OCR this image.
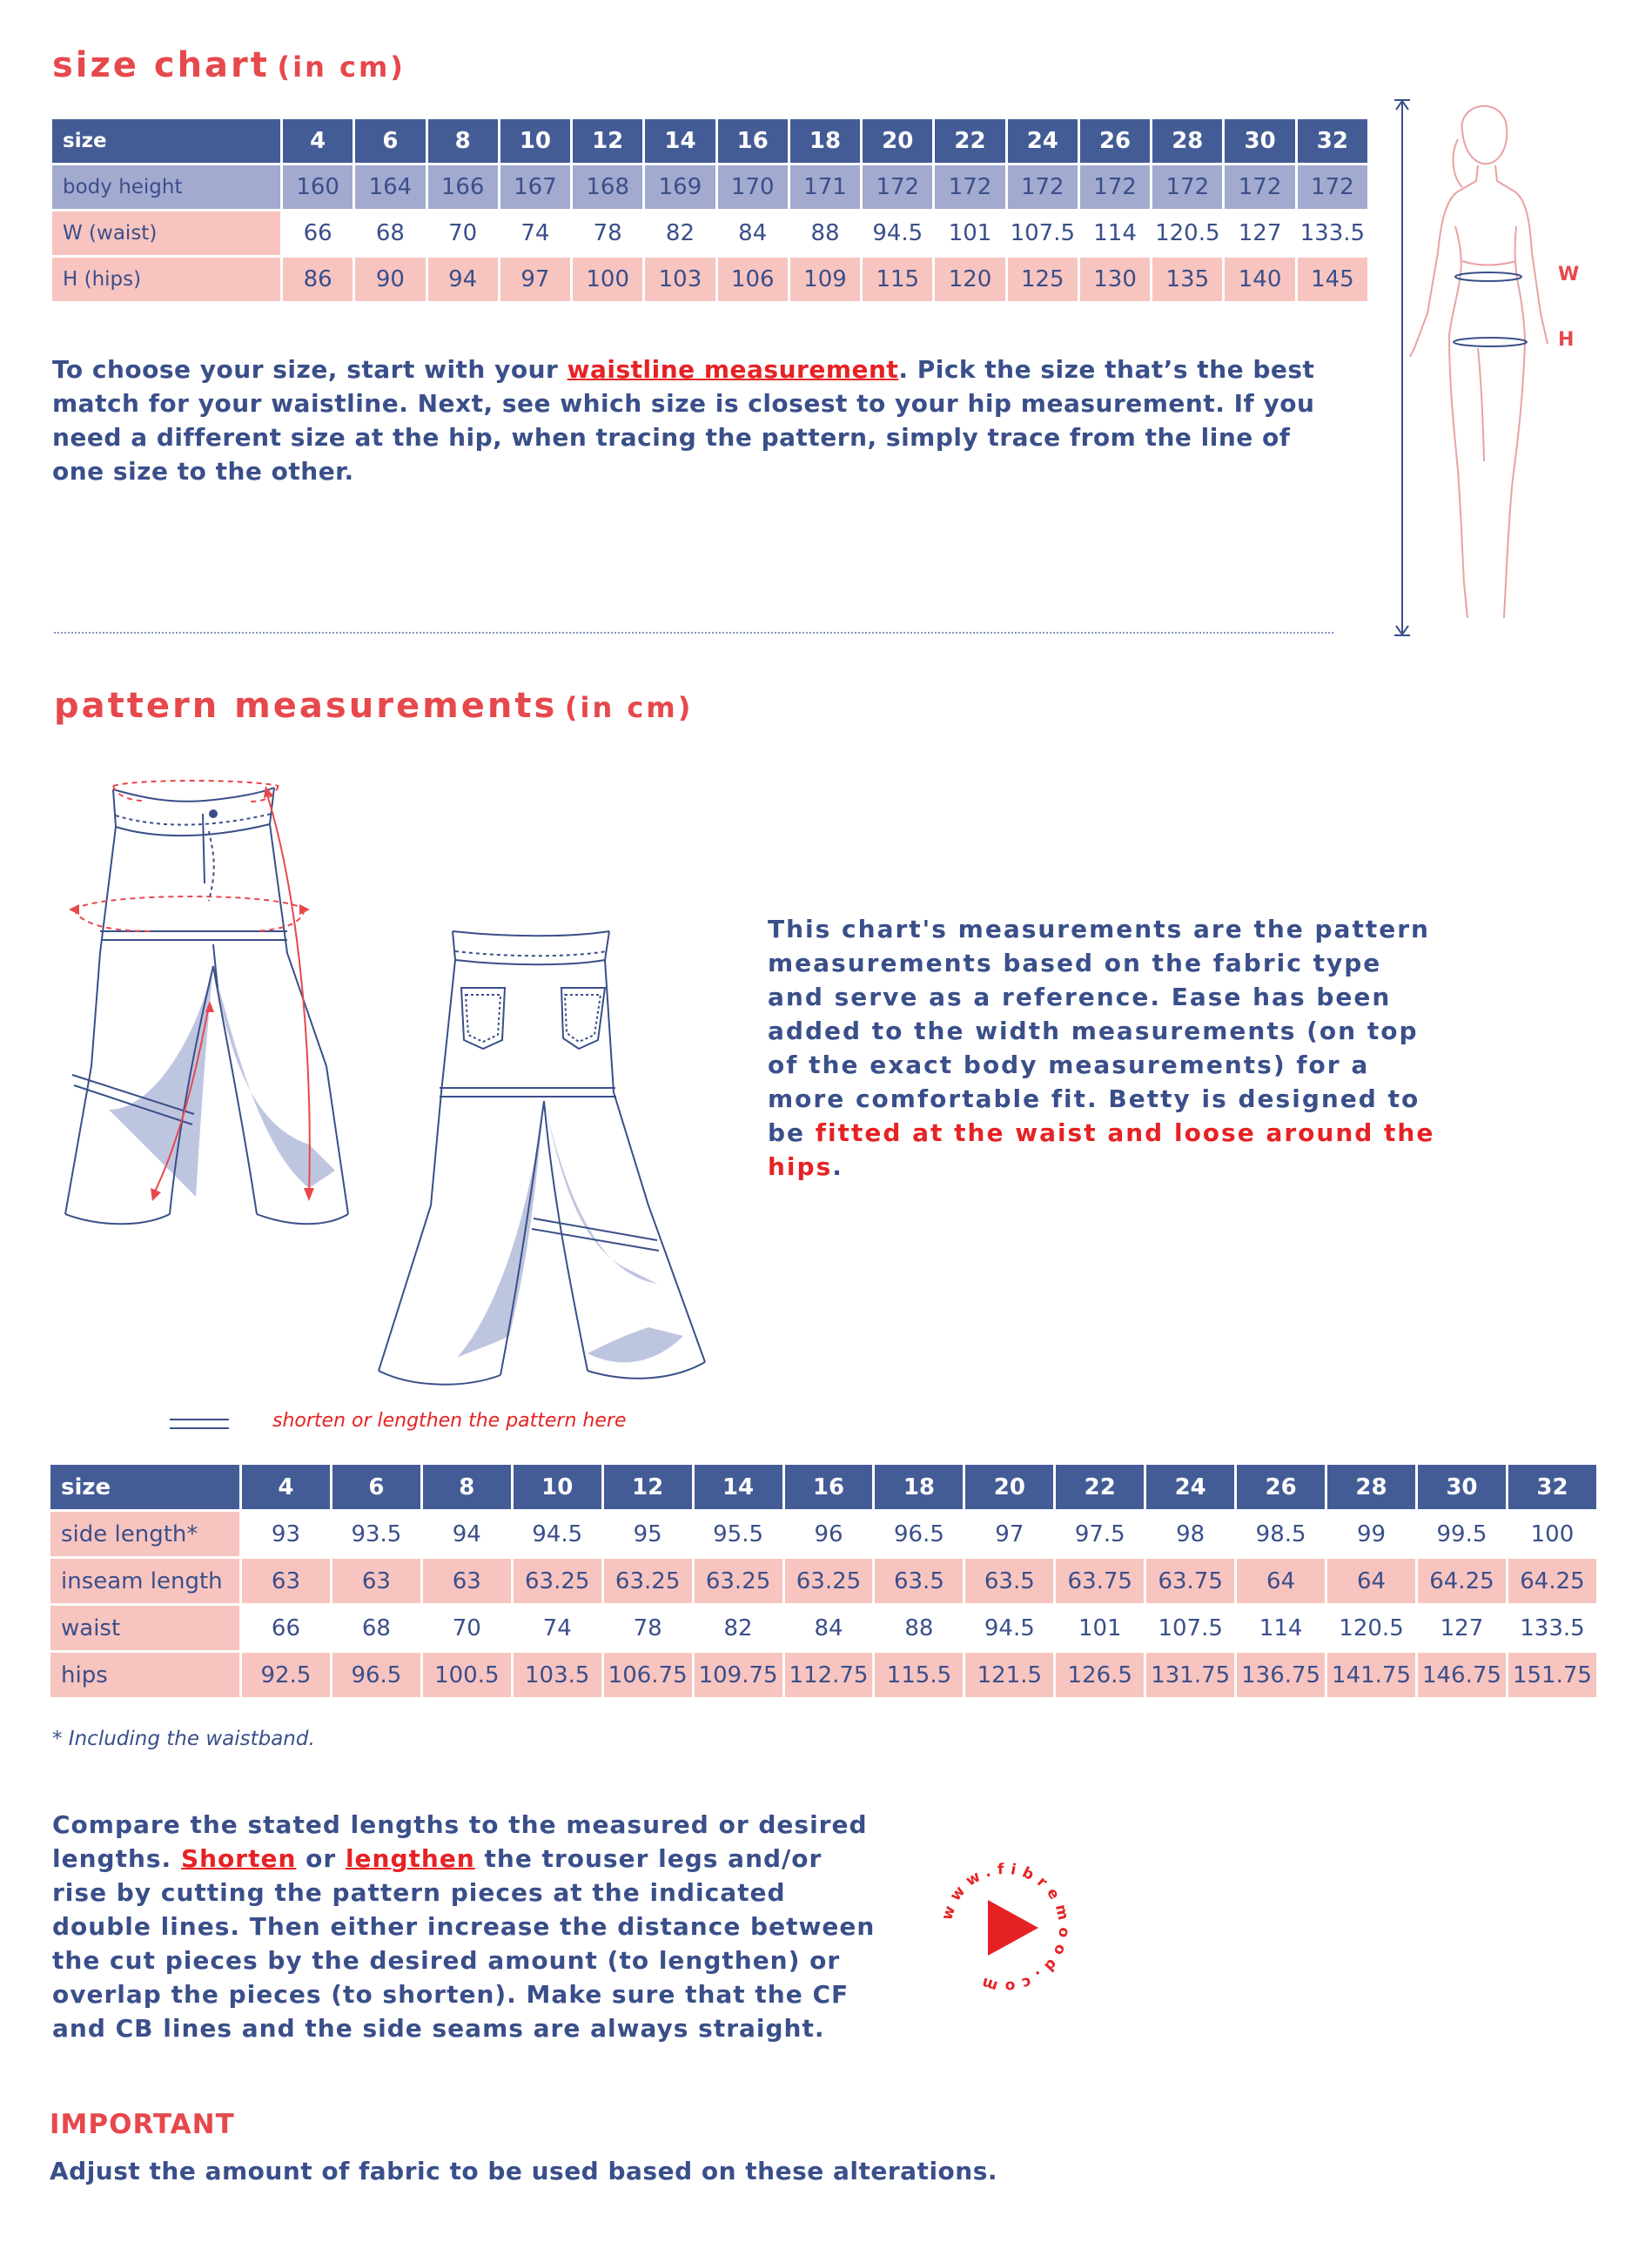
size chart (in cm)
size	4	6	8	10	12	14	16	18	20	22	24	26	28	30	32
body height	160	164	166	167	168	169	170	171	172	172	172	172	172	172	172
W (waist)	66	68	70	74	78	82	84	88	94.5	101	107.5	114	120.5	127	133.5
H (hips)	86	90	94	97	100	103	106	109	115	120	125	130	135	140	145
To choose your size, start with your waistline measurement. Pick the size that’s the best match for your waistline. Next, see which size is closest to your hip measurement. If you need a different size at the hip, when tracing the pattern, simply trace from the line of one size to the other.
W
H
pattern measurements (in cm)
shorten or lengthen the pattern here
This chart's measurements are the pattern measurements based on the fabric type and serve as a reference. Ease has been added to the width measurements (on top of the exact body measurements) for a more comfortable fit. Betty is designed to be fitted at the waist and loose around the hips.
size	4	6	8	10	12	14	16	18	20	22	24	26	28	30	32
side length*	93	93.5	94	94.5	95	95.5	96	96.5	97	97.5	98	98.5	99	99.5	100
inseam length	63	63	63	63.25	63.25	63.25	63.25	63.5	63.5	63.75	63.75	64	64	64.25	64.25
waist	66	68	70	74	78	82	84	88	94.5	101	107.5	114	120.5	127	133.5
hips	92.5	96.5	100.5	103.5	106.75	109.75	112.75	115.5	121.5	126.5	131.75	136.75	141.75	146.75	151.75
* Including the waistband.
Compare the stated lengths to the measured or desired lengths. Shorten or lengthen the trouser legs and/or rise by cutting the pattern pieces at the indicated double lines. Then either increase the distance between the cut pieces by the desired amount (to lengthen) or overlap the pieces (to shorten). Make sure that the CF and CB lines and the side seams are always straight.
www.fibremood.com
IMPORTANT
Adjust the amount of fabric to be used based on these alterations.
